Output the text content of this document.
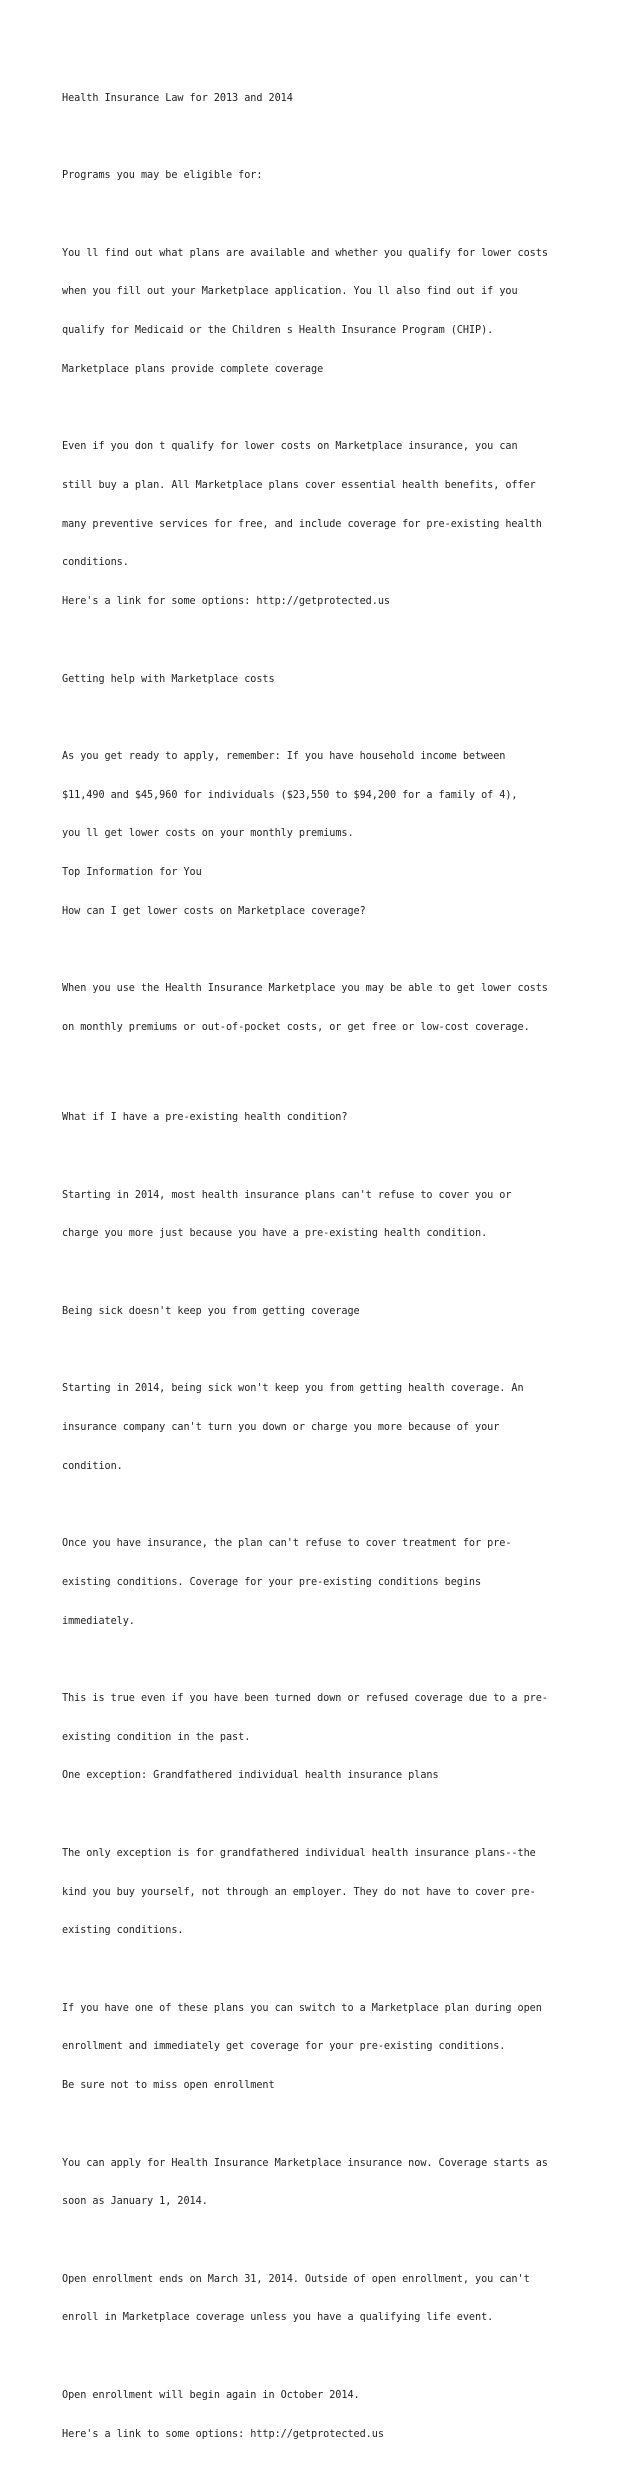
Health Insurance Law for 2013 and 2014

Programs you may be eligible for:

Youll find out what plans are available and whether you qualify for lower costs

when you fill out your Marketplace application. Youll also find out if you

qualify for Medicaid or the Childrens Health Insurance Program (CHIP).

Marketplace plans provide complete coverage

Even if you dont qualify for lower costs on Marketplace insurance, you can

still buy a plan. All Marketplace plans cover essential health benefits, offer

many preventive services for free, and include coverage for pre-existing health

conditions.

Here's a link for some options: http://getprotected.us

Getting help with Marketplace costs

As you get ready to apply, remember: If you have household income between

$11,490 and $45,960 for individuals ($23,550 to $94,200 for a family of 4),

youll get lower costs on your monthly premiums.

Top Information for You

How can I get lower costs on Marketplace coverage?

When you use the Health Insurance Marketplace you may be able to get lower costs

on monthly premiums or out-of-pocket costs, or get free or low-cost coverage.

What if I have a pre-existing health condition?

Starting in 2014, most health insurance plans can't refuse to cover you or

charge you more just because you have a pre-existing health condition.

Being sick doesn't keep you from getting coverage

Starting in 2014, being sick won't keep you from getting health coverage. An

insurance company can't turn you down or charge you more because of your

condition.

Once you have insurance, the plan can't refuse to cover treatment for pre-

existing conditions. Coverage for your pre-existing conditions begins

immediately.

This is true even if you have been turned down or refused coverage due to a pre-

existing condition in the past.

One exception: Grandfathered individual health insurance plans

The only exception is for grandfathered individual health insurance plans--the

kind you buy yourself, not through an employer. They do not have to cover pre-

existing conditions.

If you have one of these plans you can switch to a Marketplace plan during open

enrollment and immediately get coverage for your pre-existing conditions.

Be sure not to miss open enrollment

You can apply for Health Insurance Marketplace insurance now. Coverage starts as

soon as January 1, 2014.

Open enrollment ends on March 31, 2014. Outside of open enrollment, you can't

enroll in Marketplace coverage unless you have a qualifying life event.

Open enrollment will begin again in October 2014.

Here's a link to some options: http://getprotected.us
